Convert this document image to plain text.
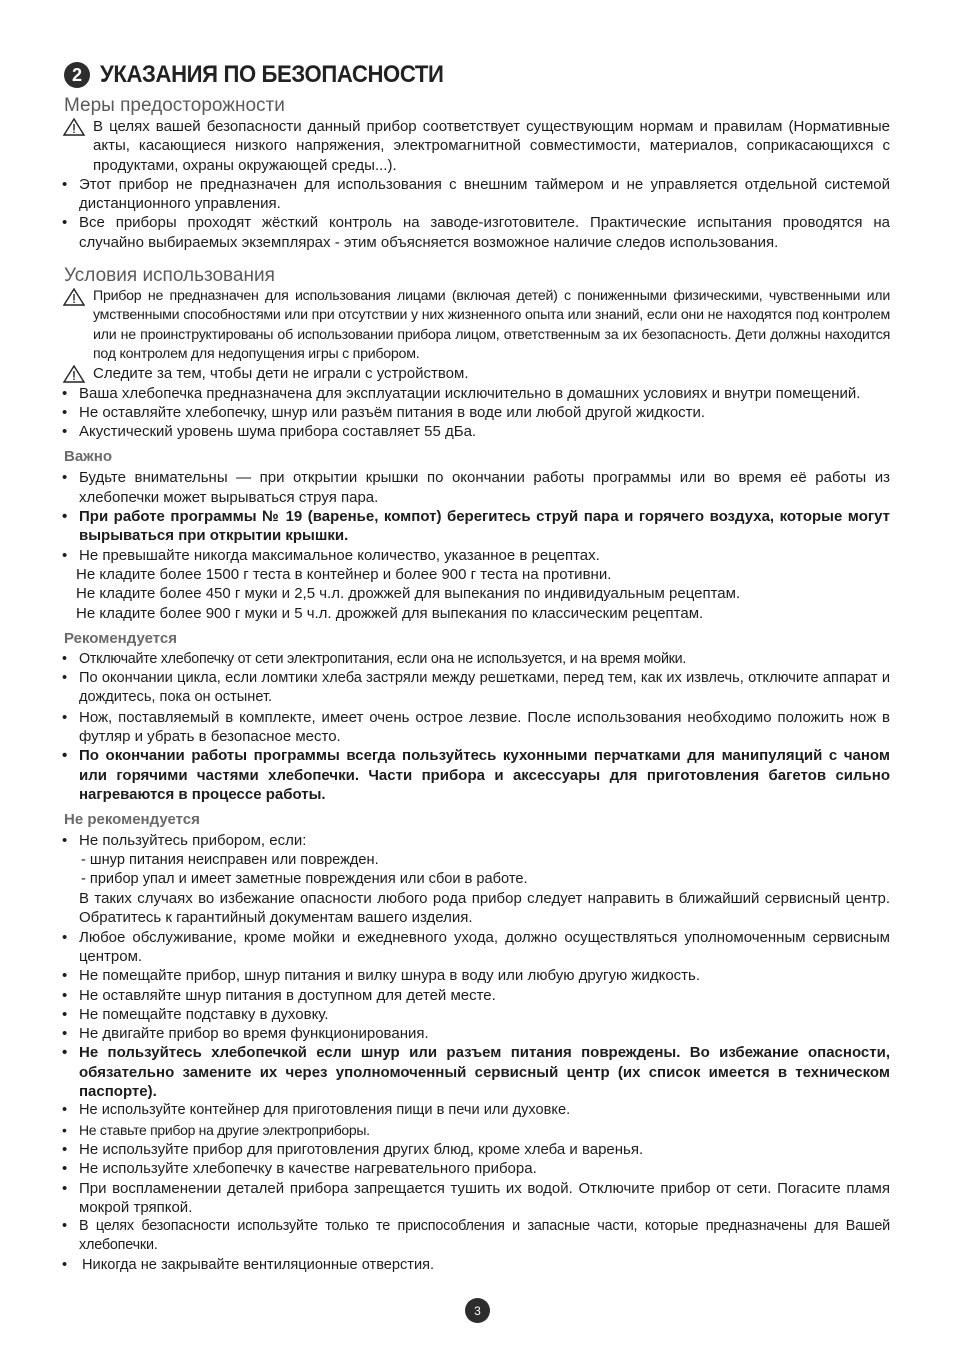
2 УКАЗАНИЯ ПО БЕЗОПАСНОСТИ
Меры предосторожности
В целях вашей безопасности данный прибор соответствует существующим нормам и правилам (Нормативные акты, касающиеся низкого напряжения, электромагнитной совместимости, материалов, соприкасающихся с продуктами, охраны окружающей среды...).
• Этот прибор не предназначен для использования с внешним таймером и не управляется отдельной системой дистанционного управления.
• Все приборы проходят жёсткий контроль на заводе-изготовителе. Практические испытания проводятся на случайно выбираемых экземплярах - этим объясняется возможное наличие следов использования.
Условия использования
Прибор не предназначен для использования лицами (включая детей) с пониженными физическими, чувственными или умственными способностями или при отсутствии у них жизненного опыта или знаний, если они не находятся под контролем или не проинструктированы об использовании прибора лицом, ответственным за их безопасность. Дети должны находится под контролем для недопущения игры с прибором.
Следите за тем, чтобы дети не играли с устройством.
• Ваша хлебопечка предназначена для эксплуатации исключительно в домашних условиях и внутри помещений.
• Не оставляйте хлебопечку, шнур или разъём питания в воде или любой другой жидкости.
• Акустический уровень шума прибора составляет 55 дБа.
Важно
• Будьте внимательны — при открытии крышки по окончании работы программы или во время её работы из хлебопечки может вырываться струя пара.
• При работе программы № 19 (варенье, компот) берегитесь струй пара и горячего воздуха, которые могут вырываться при открытии крышки.
• Не превышайте никогда максимальное количество, указанное в рецептах.
Не кладите более 1500 г теста в контейнер и более 900 г теста на противни.
Не кладите более 450 г муки и 2,5 ч.л. дрожжей для выпекания по индивидуальным рецептам.
Не кладите более 900 г муки и 5 ч.л. дрожжей для выпекания по классическим рецептам.
Рекомендуется
• Отключайте хлебопечку от сети электропитания, если она не используется, и на время мойки.
• По окончании цикла, если ломтики хлеба застряли между решетками, перед тем, как их извлечь, отключите аппарат и дождитесь, пока он остынет.
• Нож, поставляемый в комплекте, имеет очень острое лезвие. После использования необходимо положить нож в футляр и убрать в безопасное место.
• По окончании работы программы всегда пользуйтесь кухонными перчатками для манипуляций с чаном или горячими частями хлебопечки. Части прибора и аксессуары для приготовления багетов сильно нагреваются в процессе работы.
Не рекомендуется
• Не пользуйтесь прибором, если:
- шнур питания неисправен или поврежден.
- прибор упал и имеет заметные повреждения или сбои в работе.
В таких случаях во избежание опасности любого рода прибор следует направить в ближайший сервисный центр. Обратитесь к гарантийный документам вашего изделия.
• Любое обслуживание, кроме мойки и ежедневного ухода, должно осуществляться уполномоченным сервисным центром.
• Не помещайте прибор, шнур питания и вилку шнура в воду или любую другую жидкость.
• Не оставляйте шнур питания в доступном для детей месте.
• Не помещайте подставку в духовку.
• Не двигайте прибор во время функционирования.
• Не пользуйтесь хлебопечкой если шнур или разъем питания повреждены. Во избежание опасности, обязательно замените их через уполномоченный сервисный центр (их список имеется в техническом паспорте).
• Не используйте контейнер для приготовления пищи в печи или духовке.
• Не ставьте прибор на другие электроприборы.
• Не используйте прибор для приготовления других блюд, кроме хлеба и варенья.
• Не используйте хлебопечку в качестве нагревательного прибора.
• При воспламенении деталей прибора запрещается тушить их водой. Отключите прибор от сети. Погасите пламя мокрой тряпкой.
• В целях безопасности используйте только те приспособления и запасные части, которые предназначены для Вашей хлебопечки.
• Никогда не закрывайте вентиляционные отверстия.
3
